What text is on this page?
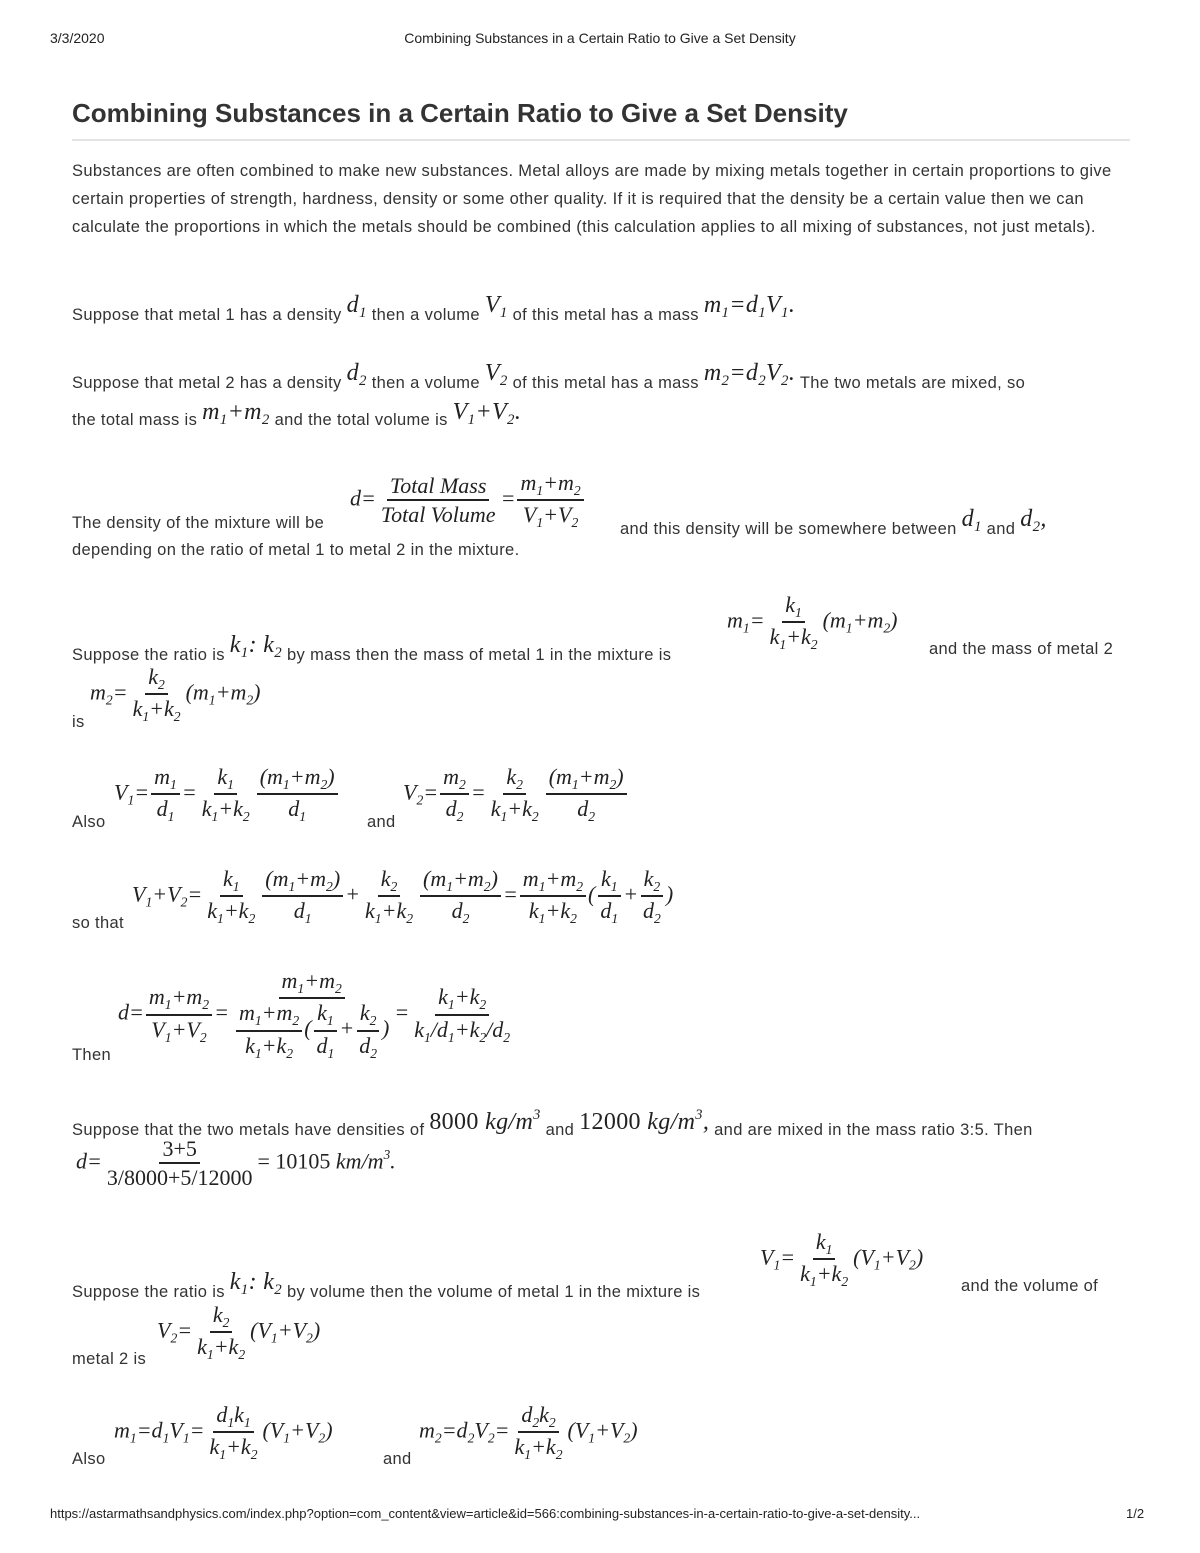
3/3/2020	Combining Substances in a Certain Ratio to Give a Set Density
Combining Substances in a Certain Ratio to Give a Set Density

Substances are often combined to make new substances. Metal alloys are made by mixing metals together in certain proportions to give certain properties of strength, hardness, density or some other quality. If it is required that the density be a certain value then we can calculate the proportions in which the metals should be combined (this calculation applies to all mixing of substances, not just metals).

Suppose that metal 1 has a density $d_1$ then a volume $V_1$ of this metal has a mass $m_1=d_1V_1$.
Suppose that metal 2 has a density $d_2$ then a volume $V_2$ of this metal has a mass $m_2=d_2V_2$. The two metals are mixed, so
the total mass is $m_1+m_2$ and the total volume is $V_1+V_2$.
The density of the mixture will be
d= Total Mass
Total Volume
= $\frac{m_1+m_2}{V_1+V_2}$ and this density will be somewhere between $d_1$ and $d_2$,
depending on the ratio of metal 1 to metal 2 in the mixture.
Suppose the ratio is $k_1$: $k_2$ by mass then the mass of metal 1 in the mixture is
$m_1= \frac{k_1}{k_1+k_2} (m_1+m_2)$
and the mass of metal 2
$m_2= \frac{k_2}{k_1+k_2} (m_1+m_2)$
is
Also
$V_1= \frac{m_1}{d_1} = \frac{k_1}{k_1+k_2} \frac{(m_1+m_2)}{d_1}$ and
$V_2= \frac{m_2}{d_2} = \frac{k_2}{k_1+k_2} \frac{(m_1+m_2)}{d_2}$
so that
$V_1+V_2= \frac{k_1}{k_1+k_2} \frac{(m_1+m_2)}{d_1} + \frac{k_2}{k_1+k_2} \frac{(m_1+m_2)}{d_2} = \frac{m_1+m_2}{k_1+k_2}$ ( $\frac{k_1}{d_1} + \frac{k_2}{d_2}$ )
Then
$d= \frac{m_1+m_2}{V_1+V_2} = \frac{m_1+m_2}{\frac{m_1+m_2}{k_1+k_2} ( \frac{k_1}{d_1} + \frac{k_2}{d_2} )} = \frac{k_1+k_2}{k_1/d_1+k_2/d_2}$
Suppose that the two metals have densities of 8000 $kg/m^3$ and 12000 $kg/m^3$, and are mixed in the mass ratio 3:5. Then
$d= \frac{3+5}{3/8000+5/12000} = 10105$ $km/m^3$.
Suppose the ratio is $k_1$: $k_2$ by volume then the volume of metal 1 in the mixture is
$V_1= \frac{k_1}{k_1+k_2} (V_1+V_2)$
and the volume of
$V_2= \frac{k_2}{k_1+k_2} (V_1+V_2)$
metal 2 is
Also
$m_1=d_1V_1= \frac{d_1k_1}{k_1+k_2} (V_1+V_2)$
and
$m_2=d_2V_2= \frac{d_2k_2}{k_1+k_2} (V_1+V_2)$
https://astarmathsandphysics.com/index.php?option=com_content&view=article&id=566:combining-substances-in-a-certain-ratio-to-give-a-set-density...	1/2
